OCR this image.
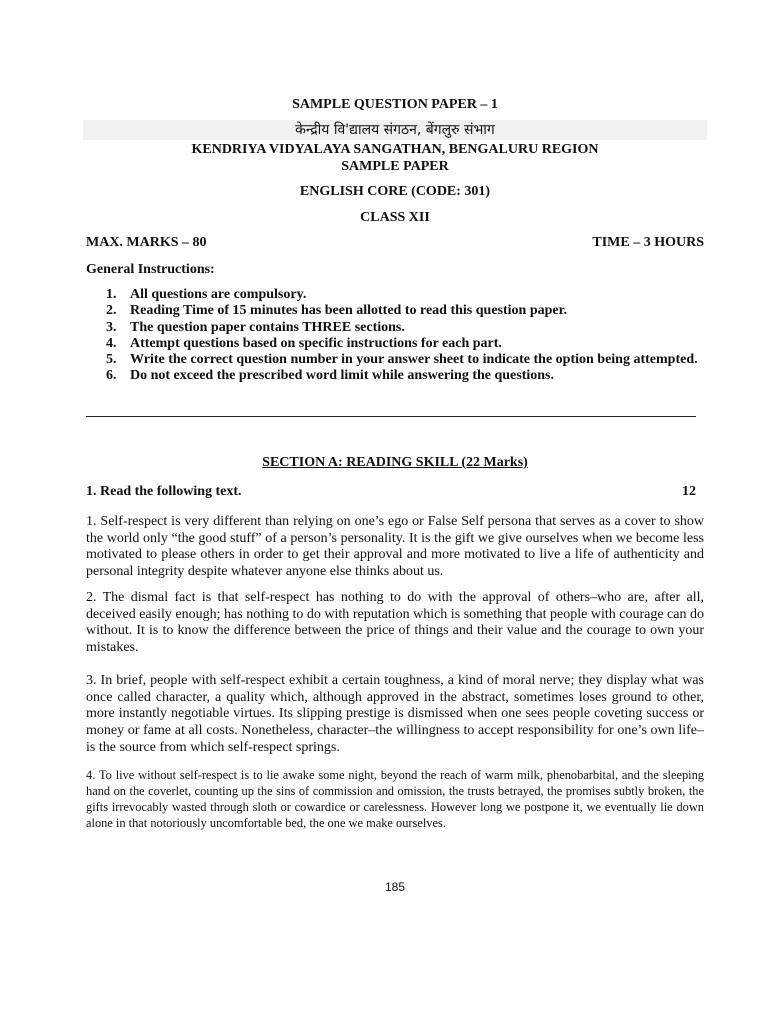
SAMPLE QUESTION PAPER – 1
केन्द्रीय वि'द्यालय संगठन, बेंगलुरु संभाग
KENDRIYA VIDYALAYA SANGATHAN, BENGALURU REGION
SAMPLE PAPER
ENGLISH CORE (CODE: 301)
CLASS XII
MAX. MARKS – 80	TIME – 3 HOURS
General Instructions:
1. All questions are compulsory.
2. Reading Time of 15 minutes has been allotted to read this question paper.
3. The question paper contains THREE sections.
4. Attempt questions based on specific instructions for each part.
5. Write the correct question number in your answer sheet to indicate the option being attempted.
6. Do not exceed the prescribed word limit while answering the questions.
SECTION A: READING SKILL (22 Marks)
1. Read the following text.	12

1. Self-respect is very different than relying on one’s ego or False Self persona that serves as a cover to show the world only “the good stuff” of a person’s personality. It is the gift we give ourselves when we become less motivated to please others in order to get their approval and more motivated to live a life of authenticity and personal integrity despite whatever anyone else thinks about us.

2. The dismal fact is that self-respect has nothing to do with the approval of others–who are, after all, deceived easily enough; has nothing to do with reputation which is something that people with courage can do without. It is to know the difference between the price of things and their value and the courage to own your mistakes.

3. In brief, people with self-respect exhibit a certain toughness, a kind of moral nerve; they display what was once called character, a quality which, although approved in the abstract, sometimes loses ground to other, more instantly negotiable virtues. Its slipping prestige is dismissed when one sees people coveting success or money or fame at all costs. Nonetheless, character–the willingness to accept responsibility for one’s own life–is the source from which self-respect springs.

4. To live without self-respect is to lie awake some night, beyond the reach of warm milk, phenobarbital, and the sleeping hand on the coverlet, counting up the sins of commission and omission, the trusts betrayed, the promises subtly broken, the gifts irrevocably wasted through sloth or cowardice or carelessness. However long we postpone it, we eventually lie down alone in that notoriously uncomfortable bed, the one we make ourselves.

185
